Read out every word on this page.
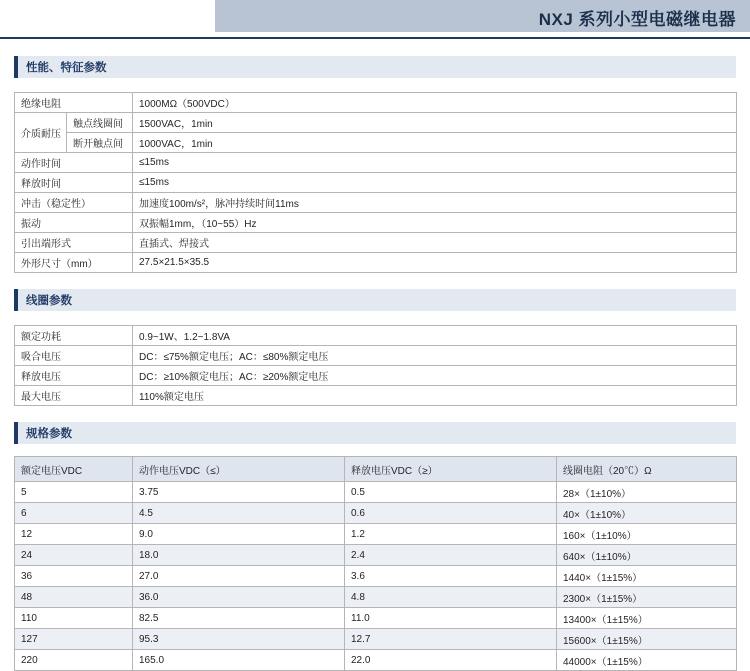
NXJ 系列小型电磁继电器
性能、特征参数
绝缘电阻		1000MΩ（500VDC）
介质耐压	触点线圈间	1500VAC，1min
	断开触点间	1000VAC，1min
动作时间		≤15ms
释放时间		≤15ms
冲击（稳定性）		加速度100m/s²，脉冲持续时间11ms
振动		双振幅1mm，（10~55）Hz
引出端形式		直插式、焊接式
外形尺寸（mm）		27.5×21.5×35.5
线圈参数
额定功耗	0.9~1W、1.2~1.8VA
吸合电压	DC：≤75%额定电压；AC：≤80%额定电压
释放电压	DC：≥10%额定电压；AC：≥20%额定电压
最大电压	110%额定电压
规格参数
额定电压VDC	动作电压VDC（≤）	释放电压VDC（≥）	线圈电阻（20℃）Ω
5	3.75	0.5	28×（1±10%）
6	4.5	0.6	40×（1±10%）
12	9.0	1.2	160×（1±10%）
24	18.0	2.4	640×（1±10%）
36	27.0	3.6	1440×（1±15%）
48	36.0	4.8	2300×（1±15%）
110	82.5	11.0	13400×（1±15%）
127	95.3	12.7	15600×（1±15%）
220	165.0	22.0	44000×（1±15%）
